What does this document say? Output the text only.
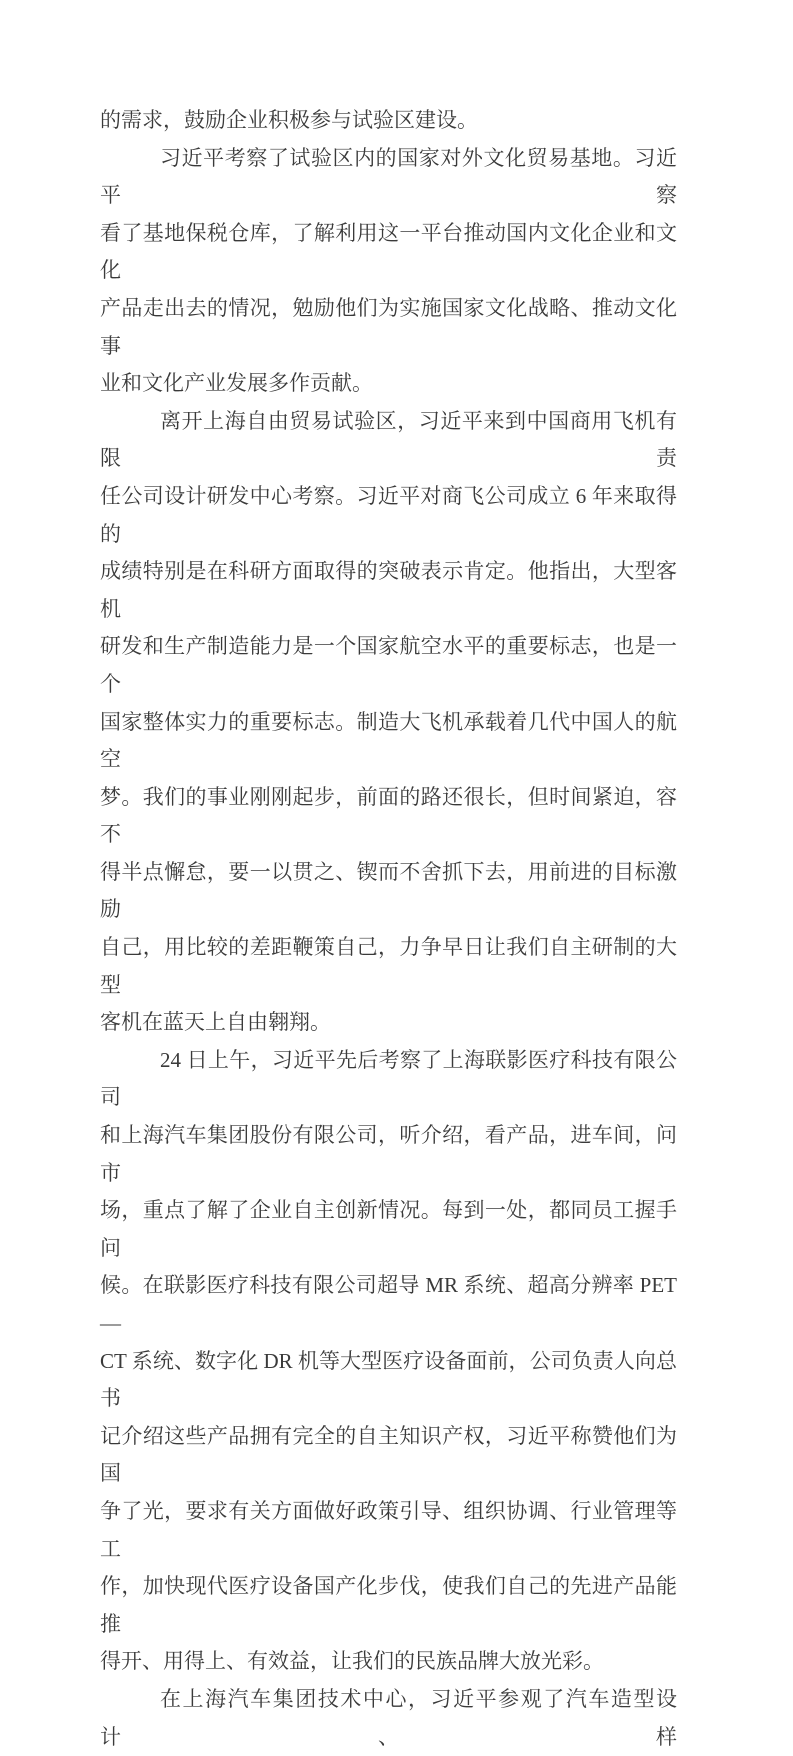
的需求，鼓励企业积极参与试验区建设。
习近平考察了试验区内的国家对外文化贸易基地。习近平察
看了基地保税仓库，了解利用这一平台推动国内文化企业和文化
产品走出去的情况，勉励他们为实施国家文化战略、推动文化事
业和文化产业发展多作贡献。
离开上海自由贸易试验区，习近平来到中国商用飞机有限责
任公司设计研发中心考察。习近平对商飞公司成立 6 年来取得的
成绩特别是在科研方面取得的突破表示肯定。他指出，大型客机
研发和生产制造能力是一个国家航空水平的重要标志，也是一个
国家整体实力的重要标志。制造大飞机承载着几代中国人的航空
梦。我们的事业刚刚起步，前面的路还很长，但时间紧迫，容不
得半点懈怠，要一以贯之、锲而不舍抓下去，用前进的目标激励
自己，用比较的差距鞭策自己，力争早日让我们自主研制的大型
客机在蓝天上自由翱翔。
24 日上午，习近平先后考察了上海联影医疗科技有限公司
和上海汽车集团股份有限公司，听介绍，看产品，进车间，问市
场，重点了解了企业自主创新情况。每到一处，都同员工握手问
候。在联影医疗科技有限公司超导 MR 系统、超高分辨率 PET—
CT 系统、数字化 DR 机等大型医疗设备面前，公司负责人向总书
记介绍这些产品拥有完全的自主知识产权，习近平称赞他们为国
争了光，要求有关方面做好政策引导、组织协调、行业管理等工
作，加快现代医疗设备国产化步伐，使我们自己的先进产品能推
得开、用得上、有效益，让我们的民族品牌大放光彩。
在上海汽车集团技术中心，习近平参观了汽车造型设计、样
